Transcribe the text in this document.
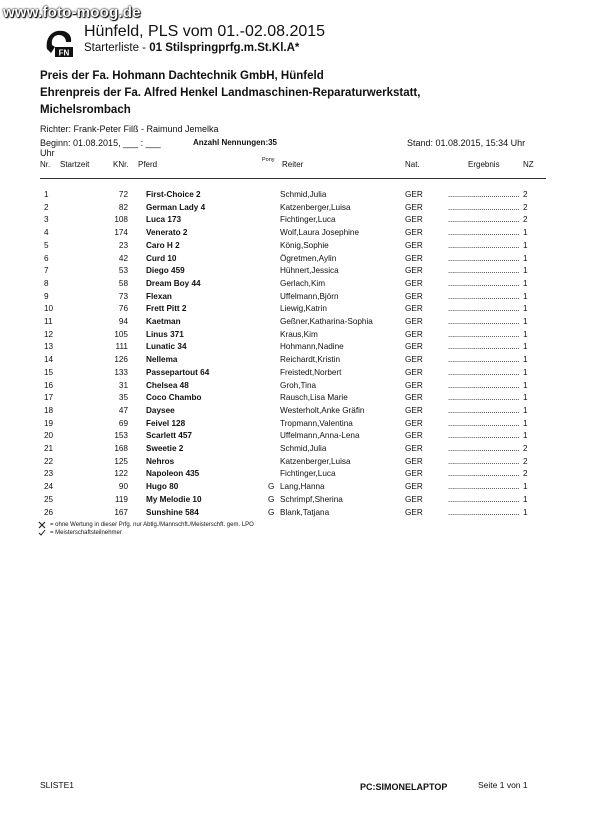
www.foto-moog.de
FN
Hünfeld, PLS vom 01.-02.08.2015
Starterliste - 01 Stilspringprfg.m.St.Kl.A*
Preis der Fa. Hohmann Dachtechnik GmbH, Hünfeld
Ehrenpreis der Fa. Alfred Henkel Landmaschinen-Reparaturwerkstatt,
Michelsrombach
Richter: Frank-Peter Filß - Raimund Jemelka
Beginn: 01.08.2015, ___ : ___
Uhr
Anzahl Nennungen:35	Stand: 01.08.2015, 15:34 Uhr
Nr. Startzeit	KNr. Pferd	Pony Reiter	Nat.	Ergebnis	NZ
1	72 First-Choice 2	Schmid,Julia	GER	.................................... 2
2	82 German Lady 4	Katzenberger,Luisa	GER	.................................... 2
3	108 Luca 173	Fichtinger,Luca	GER	.................................... 2
4	174 Venerato 2	Wolf,Laura Josephine	GER	.................................... 1
5	23 Caro H 2	König,Sophie	GER	.................................... 1
6	42 Curd 10	Ögretmen,Aylin	GER	.................................... 1
7	53 Diego 459	Hühnert,Jessica	GER	.................................... 1
8	58 Dream Boy 44	Gerlach,Kim	GER	.................................... 1
9	73 Flexan	Uffelmann,Björn	GER	.................................... 1
10	76 Frett Pitt 2	Liewig,Katrin	GER	.................................... 1
11	94 Kaetman	Geßner,Katharina-Sophia	GER	.................................... 1
12	105 Linus 371	Kraus,Kim	GER	.................................... 1
13	111 Lunatic 34	Hohmann,Nadine	GER	.................................... 1
14	126 Nellema	Reichardt,Kristin	GER	.................................... 1
15	133 Passepartout 64	Freistedt,Norbert	GER	.................................... 1
16	31 Chelsea 48	Groh,Tina	GER	.................................... 1
17	35 Coco Chambo	Rausch,Lisa Marie	GER	.................................... 1
18	47 Daysee	Westerholt,Anke Gräfin	GER	.................................... 1
19	69 Feivel 128	Tropmann,Valentina	GER	.................................... 1
20	153 Scarlett 457	Uffelmann,Anna-Lena	GER	.................................... 1
21	168 Sweetie 2	Schmid,Julia	GER	.................................... 2
22	125 Nehros	Katzenberger,Luisa	GER	.................................... 2
23	122 Napoleon 435	Fichtinger,Luca	GER	.................................... 2
24	90 Hugo 80	G Lang,Hanna	GER	.................................... 1
25	119 My Melodie 10	G Schrimpf,Sherina	GER	.................................... 1
26	167 Sunshine 584	G Blank,Tatjana	GER	.................................... 1
= ohne Wertung in dieser Prfg. nur Abtlg./Mannschft./Meisterschft. gem. LPO
= Meisterschaftsteilnehmer
SLISTE1	PC:SIMONELAPTOP	Seite 1 von 1
